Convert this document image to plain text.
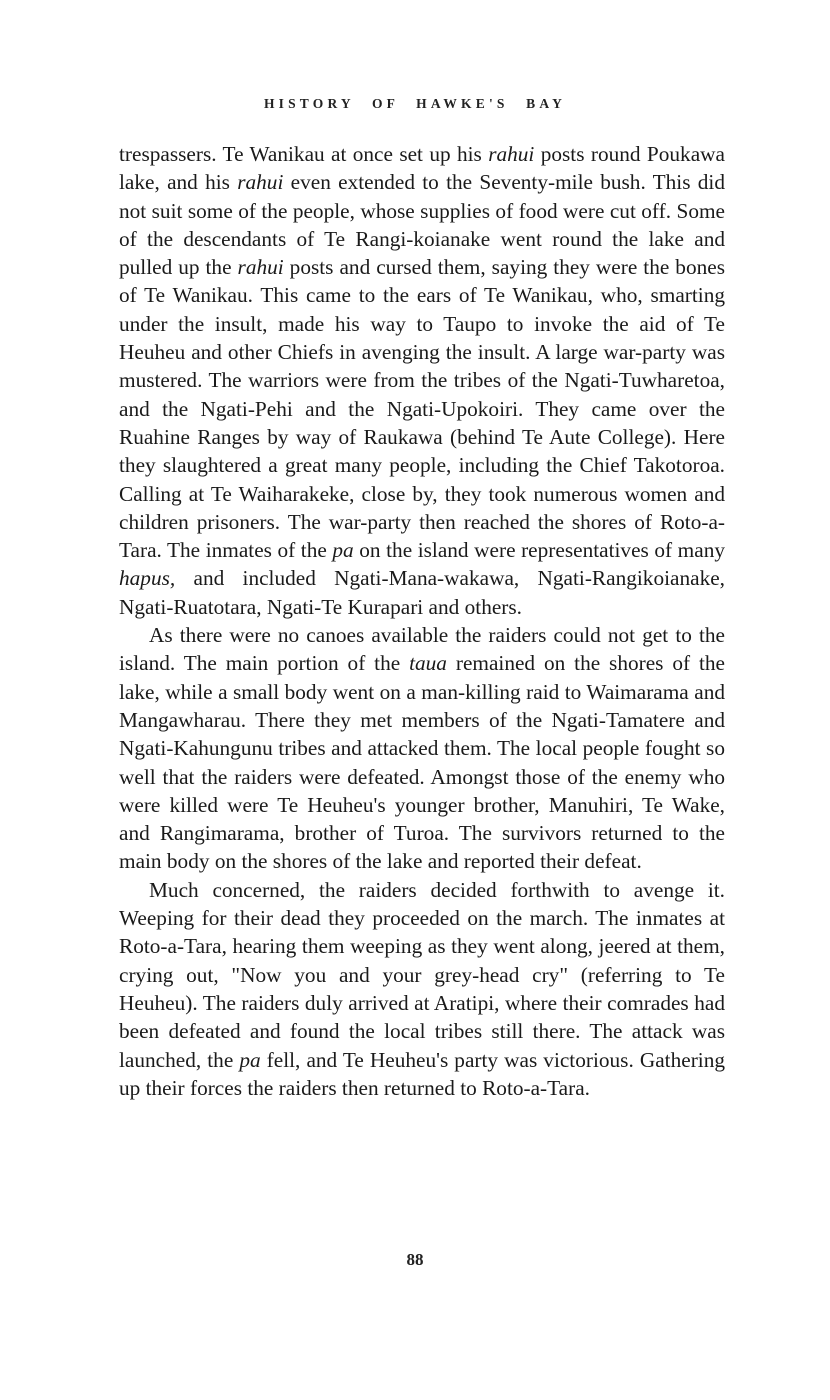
HISTORY OF HAWKE'S BAY

trespassers. Te Wanikau at once set up his rahui posts round Poukawa lake, and his rahui even extended to the Seventy-mile bush. This did not suit some of the people, whose supplies of food were cut off. Some of the descendants of Te Rangi-koianake went round the lake and pulled up the rahui posts and cursed them, saying they were the bones of Te Wanikau. This came to the ears of Te Wanikau, who, smarting under the insult, made his way to Taupo to invoke the aid of Te Heuheu and other Chiefs in avenging the insult. A large war-party was mustered. The warriors were from the tribes of the Ngati-Tuwharetoa, and the Ngati-Pehi and the Ngati-Upokoiri. They came over the Ruahine Ranges by way of Raukawa (behind Te Aute College). Here they slaughtered a great many people, including the Chief Takotoroa. Calling at Te Waiharakeke, close by, they took numerous women and children prisoners. The war-party then reached the shores of Roto-a-Tara. The inmates of the pa on the island were representatives of many hapus, and included Ngati-Mana-wakawa, Ngati-Rangikoianake, Ngati-Ruatotara, Ngati-Te Kurapari and others.

As there were no canoes available the raiders could not get to the island. The main portion of the taua remained on the shores of the lake, while a small body went on a man-killing raid to Waimarama and Mangawharau. There they met members of the Ngati-Tamatere and Ngati-Kahungunu tribes and attacked them. The local people fought so well that the raiders were defeated. Amongst those of the enemy who were killed were Te Heuheu's younger brother, Manuhiri, Te Wake, and Rangimarama, brother of Turoa. The survivors returned to the main body on the shores of the lake and reported their defeat.

Much concerned, the raiders decided forthwith to avenge it. Weeping for their dead they proceeded on the march. The inmates at Roto-a-Tara, hearing them weeping as they went along, jeered at them, crying out, "Now you and your grey-head cry" (referring to Te Heuheu). The raiders duly arrived at Aratipi, where their comrades had been defeated and found the local tribes still there. The attack was launched, the pa fell, and Te Heuheu's party was victorious. Gathering up their forces the raiders then returned to Roto-a-Tara.

88
